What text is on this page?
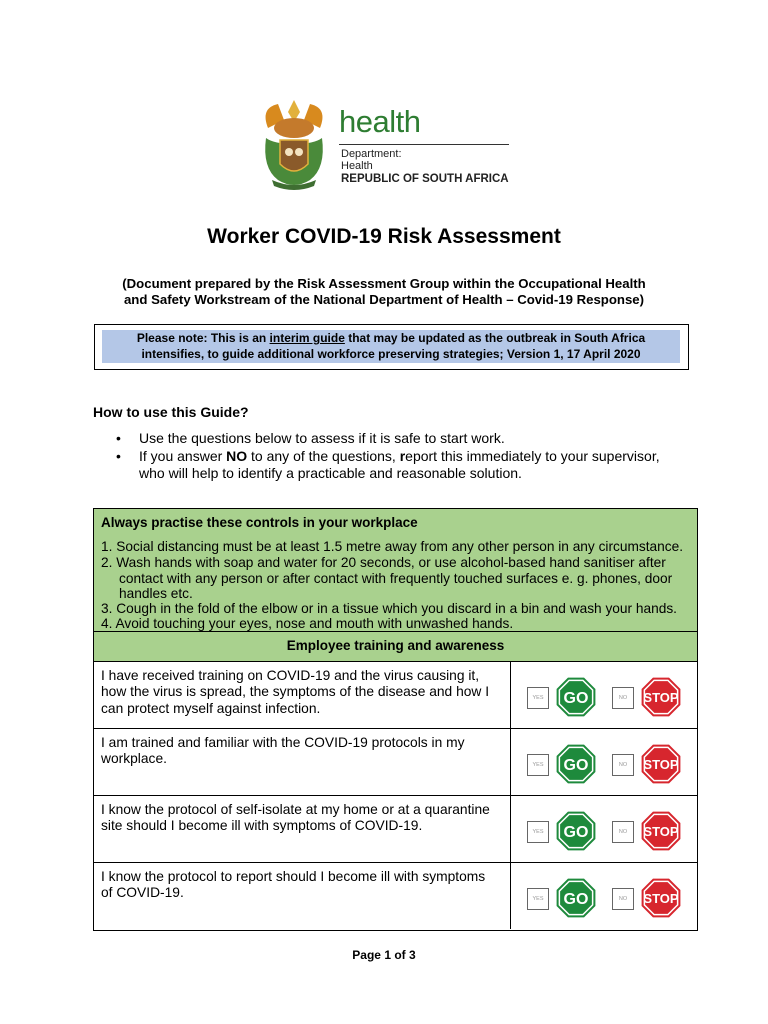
health
Department:
Health
REPUBLIC OF SOUTH AFRICA
Worker COVID-19 Risk Assessment
(Document prepared by the Risk Assessment Group within the Occupational Health
and Safety Workstream of the National Department of Health – Covid-19 Response)
Please note: This is an interim guide that may be updated as the outbreak in South Africa
intensifies, to guide additional workforce preserving strategies; Version 1, 17 April 2020
How to use this Guide?
• Use the questions below to assess if it is safe to start work.
• If you answer NO to any of the questions, report this immediately to your supervisor,
who will help to identify a practicable and reasonable solution.
Always practise these controls in your workplace
1. Social distancing must be at least 1.5 metre away from any other person in any circumstance.
2. Wash hands with soap and water for 20 seconds, or use alcohol-based hand sanitiser after
contact with any person or after contact with frequently touched surfaces e. g. phones, door
handles etc.
3. Cough in the fold of the elbow or in a tissue which you discard in a bin and wash your hands.
4. Avoid touching your eyes, nose and mouth with unwashed hands.
Employee training and awareness
I have received training on COVID-19 and the virus causing it,
how the virus is spread, the symptoms of the disease and how I
can protect myself against infection.
YES	GO	NO	STOP
I am trained and familiar with the COVID-19 protocols in my
workplace.	YES	GO	NO	STOP
I know the protocol of self-isolate at my home or at a quarantine
site should I become ill with symptoms of COVID-19.	YES	GO	NO	STOP
I know the protocol to report should I become ill with symptoms
of COVID-19.	YES	GO	NO	STOP
Page 1 of 3
